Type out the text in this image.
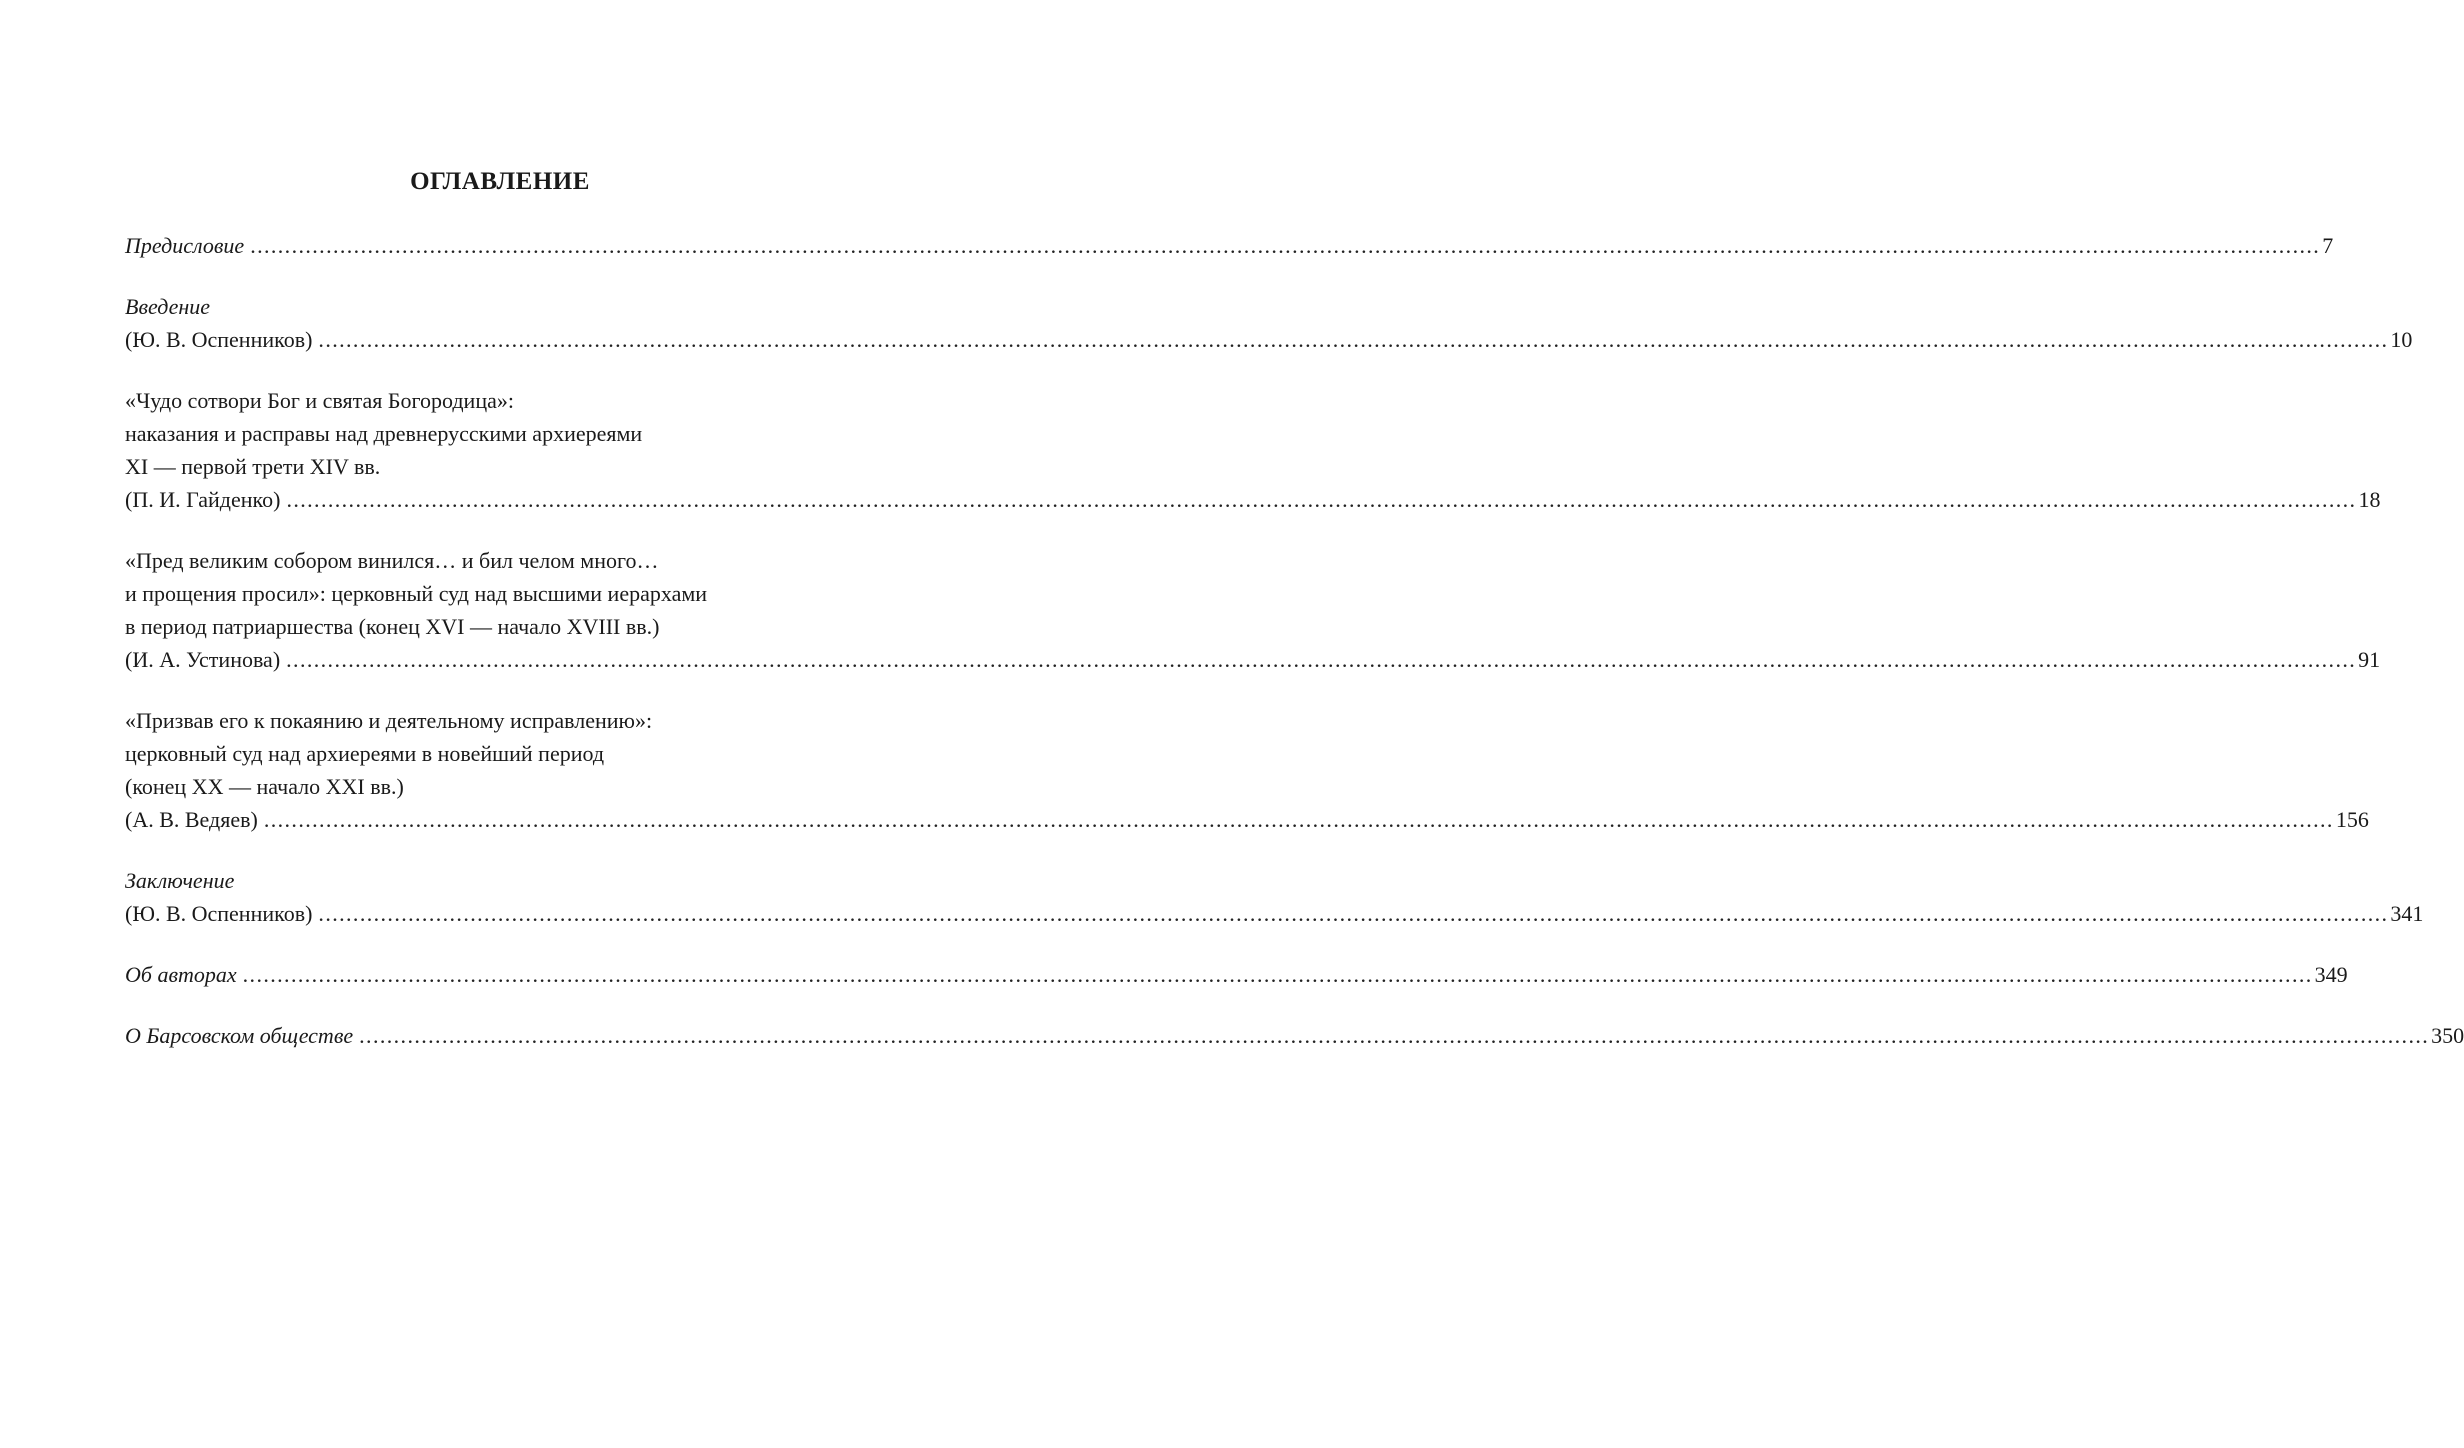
ОГЛАВЛЕНИЕ
Предисловие ............................................................................................................................................................................................................................................................................................................ 7
Введение
(Ю. В. Оспенников) ............................................................................................................................................................................................................................................................................................................ 10
«Чудо сотвори Бог и святая Богородица»:
наказания и расправы над древнерусскими архиереями
XI — первой трети XIV вв.
(П. И. Гайденко) ............................................................................................................................................................................................................................................................................................................ 18
«Пред великим собором винился… и бил челом много…
и прощения просил»: церковный суд над высшими иерархами
в период патриаршества (конец XVI — начало XVIII вв.)
(И. А. Устинова) ............................................................................................................................................................................................................................................................................................................ 91
«Призвав его к покаянию и деятельному исправлению»:
церковный суд над архиереями в новейший период
(конец XX — начало XXI вв.)
(А. В. Ведяев) ............................................................................................................................................................................................................................................................................................................ 156
Заключение
(Ю. В. Оспенников) ............................................................................................................................................................................................................................................................................................................ 341
Об авторах ............................................................................................................................................................................................................................................................................................................ 349
О Барсовском обществе ............................................................................................................................................................................................................................................................................................................ 350
